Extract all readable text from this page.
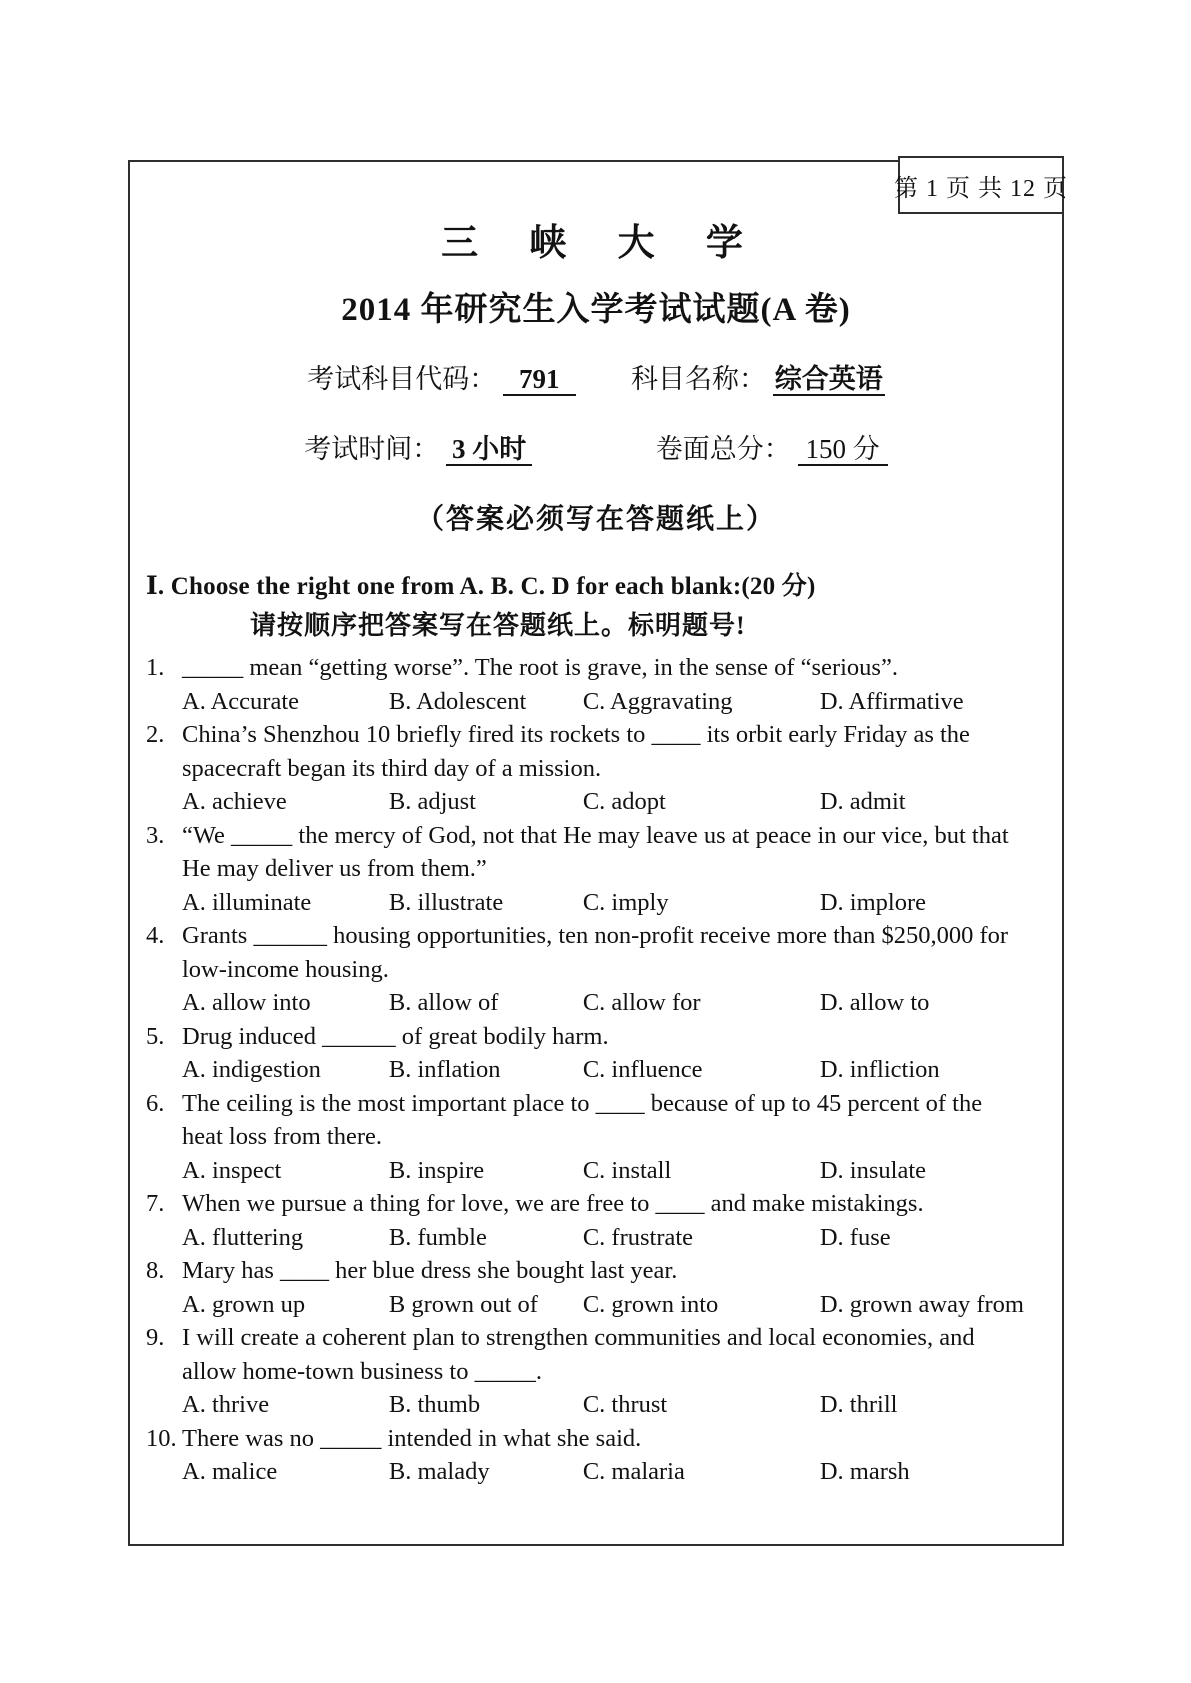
第 1 页 共 12 页
三 峡 大 学
2014 年研究生入学考试试题(A 卷)
考试科目代码： 791	科目名称： 综合英语
考试时间： 3 小时	卷面总分： 150 分
（答案必须写在答题纸上）
Ⅰ. Choose the right one from A. B. C. D for each blank:(20 分)
请按顺序把答案写在答题纸上。标明题号!
1. _____ mean “getting worse”. The root is grave, in the sense of “serious”.
A. Accurate	B. Adolescent	C. Aggravating	D. Affirmative
2. China’s Shenzhou 10 briefly fired its rockets to ____ its orbit early Friday as the spacecraft began its third day of a mission.
A. achieve	B. adjust	C. adopt	D. admit
3. “We _____ the mercy of God, not that He may leave us at peace in our vice, but that He may deliver us from them.”
A. illuminate	B. illustrate	C. imply	D. implore
4. Grants ______ housing opportunities, ten non-profit receive more than $250,000 for low-income housing.
A. allow into	B. allow of	C. allow for	D. allow to
5. Drug induced ______ of great bodily harm.
A. indigestion	B. inflation	C. influence	D. infliction
6. The ceiling is the most important place to ____ because of up to 45 percent of the heat loss from there.
A. inspect	B. inspire	C. install	D. insulate
7. When we pursue a thing for love, we are free to ____ and make mistakings.
A. fluttering	B. fumble	C. frustrate	D. fuse
8. Mary has ____ her blue dress she bought last year.
A. grown up	B grown out of	C. grown into	D. grown away from
9. I will create a coherent plan to strengthen communities and local economies, and allow home-town business to _____.
A. thrive	B. thumb	C. thrust	D. thrill
10. There was no _____ intended in what she said.
A. malice	B. malady	C. malaria	D. marsh
